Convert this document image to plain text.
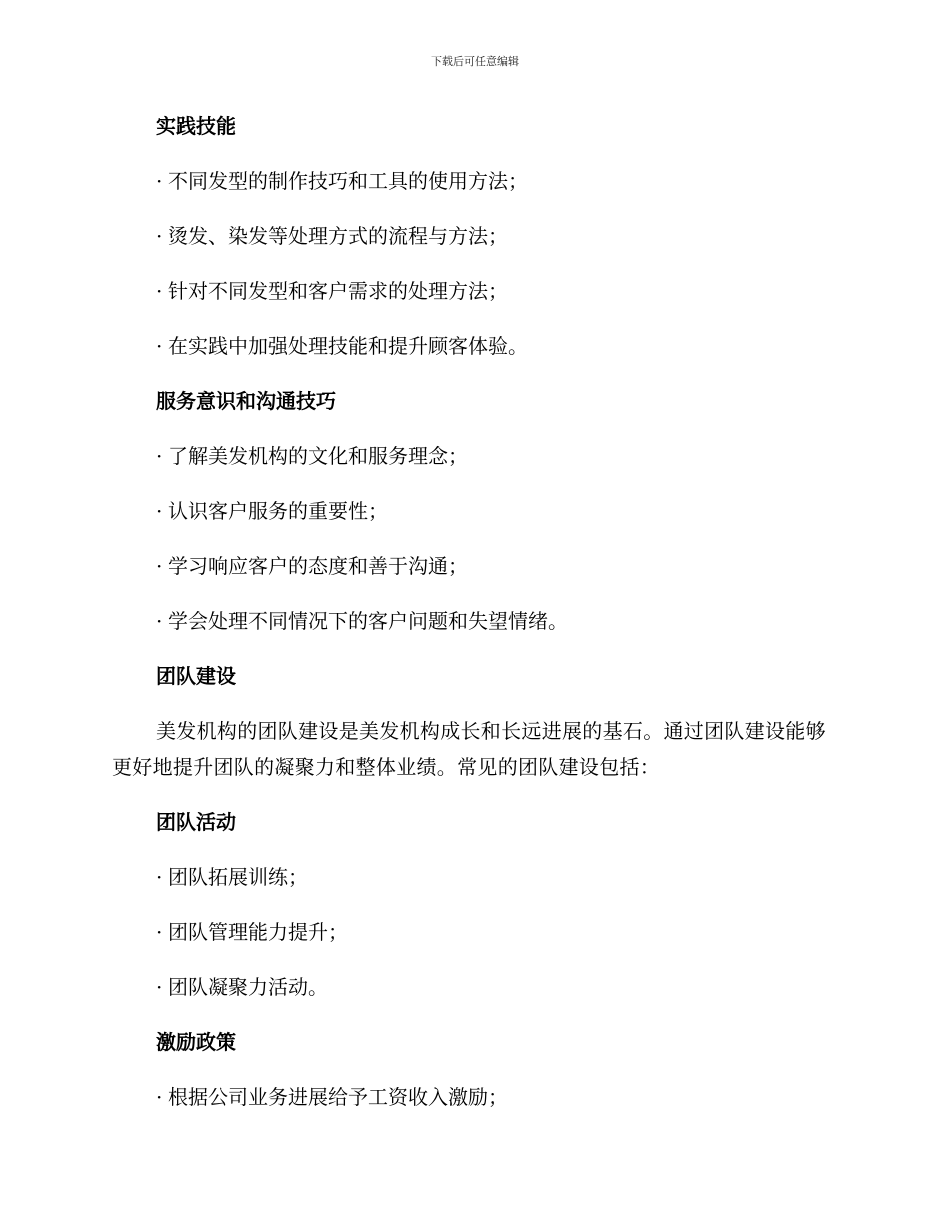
下载后可任意编辑
实践技能
· 不同发型的制作技巧和工具的使用方法；
· 烫发、染发等处理方式的流程与方法；
· 针对不同发型和客户需求的处理方法；
· 在实践中加强处理技能和提升顾客体验。
服务意识和沟通技巧
· 了解美发机构的文化和服务理念；
· 认识客户服务的重要性；
· 学习响应客户的态度和善于沟通；
· 学会处理不同情况下的客户问题和失望情绪。
团队建设
美发机构的团队建设是美发机构成长和长远进展的基石。通过团队建设能够更好地提升团队的凝聚力和整体业绩。常见的团队建设包括：
团队活动
· 团队拓展训练；
· 团队管理能力提升；
· 团队凝聚力活动。
激励政策
· 根据公司业务进展给予工资收入激励；
